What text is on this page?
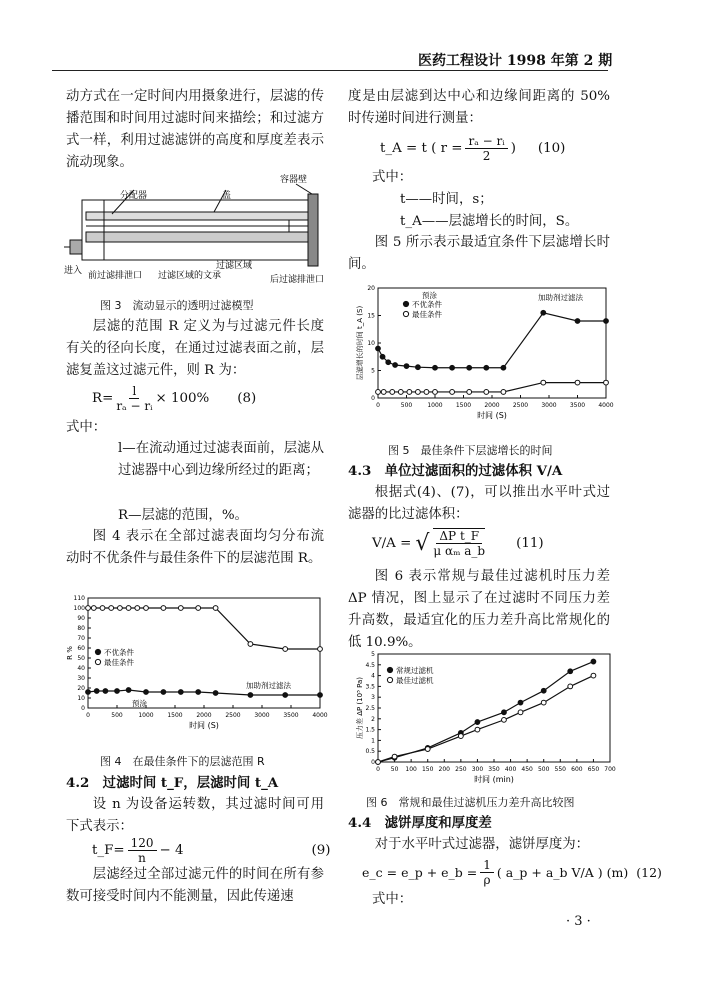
医药工程设计 1998 年第 2 期

动方式在一定时间内用摄象进行，层滤的传播范围和时间用过滤时间来描绘；和过滤方式一样，利用过滤滤饼的高度和厚度差表示流动现象。

容器壁
分配器	盖
进入 前过滤排泄口 过滤区域的文承
过滤区域
后过滤排泄口
图 3　流动显示的透明过滤模型

层滤的范围 R 定义为与过滤元件长度有关的径向长度，在通过过滤表面之前，层滤复盖这过滤元件，则 R 为：

$R= \frac{l}{\text{rₐ − rᵢ}} \times 100\%$ (8)
式中：

l—在流动通过过滤表面前，层滤从过滤器中心到边缘所经过的距离；

R—层滤的范围，%。

图 4 表示在全部过滤表面均匀分布流动时不优条件与最佳条件下的层滤范围 R。

0	500	1000 1500 2000 2500 3000 3500 4000
0
10
20
30
40
50
60
70
80
90
100
110
时间 (S)
R %	不优条件
最佳条件
预涂
加助剂过滤法
图 4　在最佳条件下的层滤范围 R
4.2　过滤时间 t_F，层滤时间 t_A

设 n 为设备运转数，其过滤时间可用下式表示：

t_F= $\frac{120}{n} - 4$	(9)

层滤经过全部过滤元件的时间在所有参数可接受时间内不能测量，因此传递速

度是由层滤到达中心和边缘间距离的 50% 时传递时间进行测量：

t_A = t ( $r = \frac{\text{rₐ − rᵢ}}{2}$ ) (10)
式中：
t——时间，s；
t_A——层滤增长的时间，S。

图 5 所示表示最适宜条件下层滤增长时间。

0	500	1000 1500 2000 2500 3000 3500 4000
0
5
10
15
20
时间 (S)
层滤增长的时间 t_A (S)
不优条件
最佳条件
预涂	加助剂过滤法
图 5　最佳条件下层滤增长的时间
4.3　单位过滤面积的过滤体积 V/A

根据式(4)、(7)，可以推出水平叶式过滤器的比过滤体积：

V/A = √ $\frac{\text{ΔP t\_F}}{\text{μ αₘ a\_b}} (11)$

图 6 表示常规与最佳过滤机时压力差 ΔP 情况，图上显示了在过滤时不同压力差升高数，最适宜化的压力差升高比常规化的低 10.9%。

0 50 100 150 200 250 300 350 400 450 500 550 600 650 700
0
0.5
1
1.5
2
2.5
3
3.5
4
4.5
5
时间 (min)
压力差 ΔP (10⁵ Pa)
常规过滤机
最佳过滤机
图 6　常规和最佳过滤机压力差升高比较图
4.4　滤饼厚度和厚度差

对于水平叶式过滤器，滤饼厚度为：

e_c = e_p + e_b = $\frac{1}{\rho}$ ( a_p + a_b V/A ) (m) (12)
式中：
· 3 ·
